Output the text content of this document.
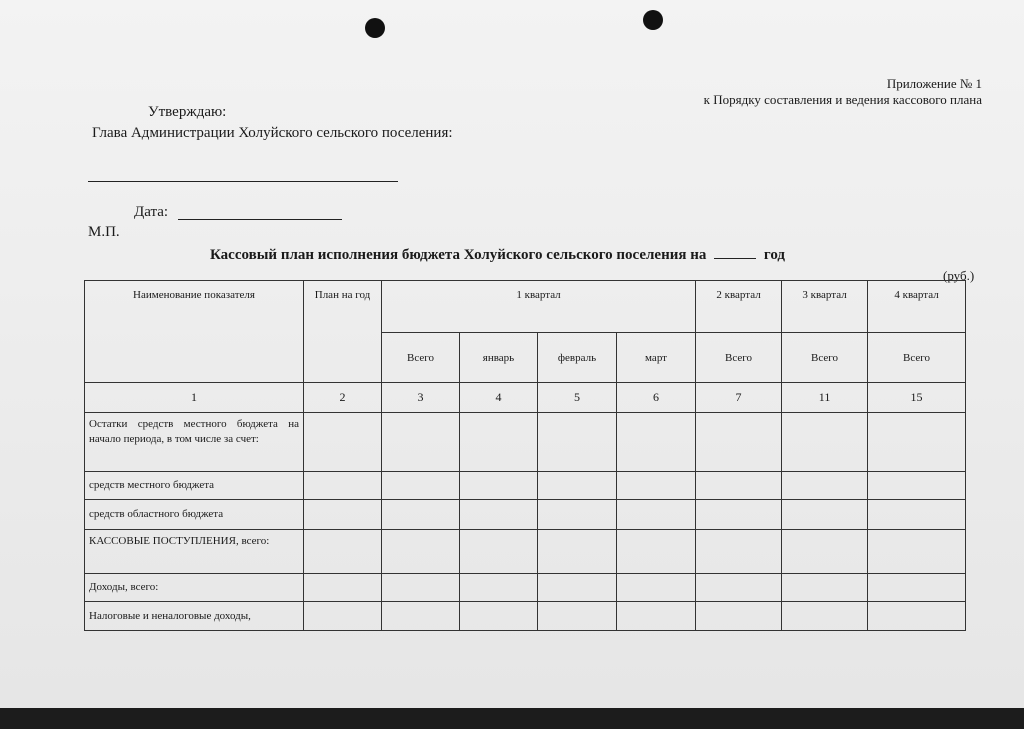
Приложение № 1
к Порядку составления и ведения кассового плана
Утверждаю:
Глава Администрации Холуйского сельского поселения:
Дата:
М.П.
Кассовый план исполнения бюджета Холуйского сельского поселения на	год
(руб.)
Наименование показателя	План на год	1 квартал				2 квартал	3 квартал	4 квартал
		Всего	январь	февраль	март	Всего	Всего	Всего
1	2	3	4	5	6	7	11	15
Остатки средств местного бюджета на начало периода, в том числе за счет:								
средств местного бюджета								
средств областного бюджета								
КАССОВЫЕ ПОСТУПЛЕНИЯ, всего:								
Доходы, всего:								
Налоговые и неналоговые доходы,								
